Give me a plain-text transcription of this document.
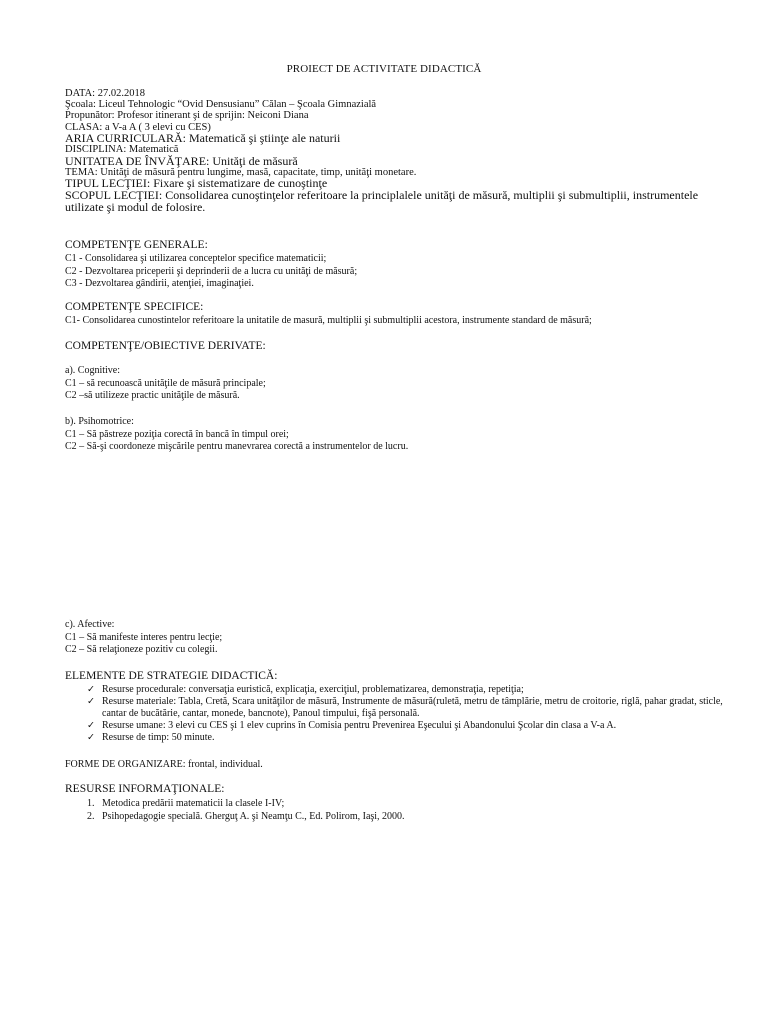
PROIECT DE ACTIVITATE DIDACTICĂ
DATA: 27.02.2018
Şcoala: Liceul Tehnologic “Ovid Densusianu” Călan – Şcoala Gimnazială
Propunător: Profesor itinerant şi de sprijin: Neiconi Diana
CLASA: a V-a A ( 3 elevi cu CES)
ARIA CURRICULARĂ: Matematică şi ştiinţe ale naturii
DISCIPLINA: Matematică
UNITATEA DE ÎNVĂŢARE: Unităţi de măsură
TEMA: Unităţi de măsură pentru lungime, masă, capacitate, timp, unităţi monetare.
TIPUL LECŢIEI: Fixare şi sistematizare de cunoştinţe
SCOPUL LECŢIEI: Consolidarea cunoştinţelor referitoare la principlalele unităţi de măsură, multiplii şi submultiplii, instrumentele utilizate şi modul de folosire.
COMPETENŢE GENERALE:
C1 - Consolidarea şi utilizarea conceptelor specifice matematicii;
C2 - Dezvoltarea priceperii şi deprinderii de a lucra cu unităţi de măsură;
C3 - Dezvoltarea gândirii, atenţiei, imaginaţiei.
COMPETENŢE SPECIFICE:
C1- Consolidarea cunostintelor referitoare la unitatile de masură, multiplii şi submultiplii acestora, instrumente standard de măsură;
COMPETENŢE/OBIECTIVE DERIVATE:
a). Cognitive:
C1 – să recunoască unităţile de măsură principale;
C2 –să utilizeze practic unităţile de măsură.
b). Psihomotrice:
C1 – Să păstreze poziţia corectă în bancă în timpul orei;
C2 – Să-şi coordoneze mişcările pentru manevrarea corectă a instrumentelor de lucru.
c). Afective:
C1 – Să manifeste interes pentru lecţie;
C2 – Să relaţioneze pozitiv cu colegii.
ELEMENTE DE STRATEGIE DIDACTICĂ:
✓ Resurse procedurale: conversaţia euristică, explicaţia, exerciţiul, problematizarea, demonstraţia, repetiţia;
✓ Resurse materiale: Tabla, Cretă, Scara unităţilor de măsură, Instrumente de măsură(ruletă, metru de tâmplărie, metru de croitorie, riglă, pahar gradat, sticle, cantar de bucătărie, cantar, monede, bancnote), Panoul timpului, fişă personală.
✓ Resurse umane: 3 elevi cu CES şi 1 elev cuprins în Comisia pentru Prevenirea Eşecului şi Abandonului Şcolar din clasa a V-a A.
✓ Resurse de timp: 50 minute.
FORME DE ORGANIZARE: frontal, individual.
RESURSE INFORMAŢIONALE:
1. Metodica predării matematicii la clasele I-IV;
2. Psihopedagogie specială. Gherguţ A. şi Neamţu C., Ed. Polirom, Iaşi, 2000.
